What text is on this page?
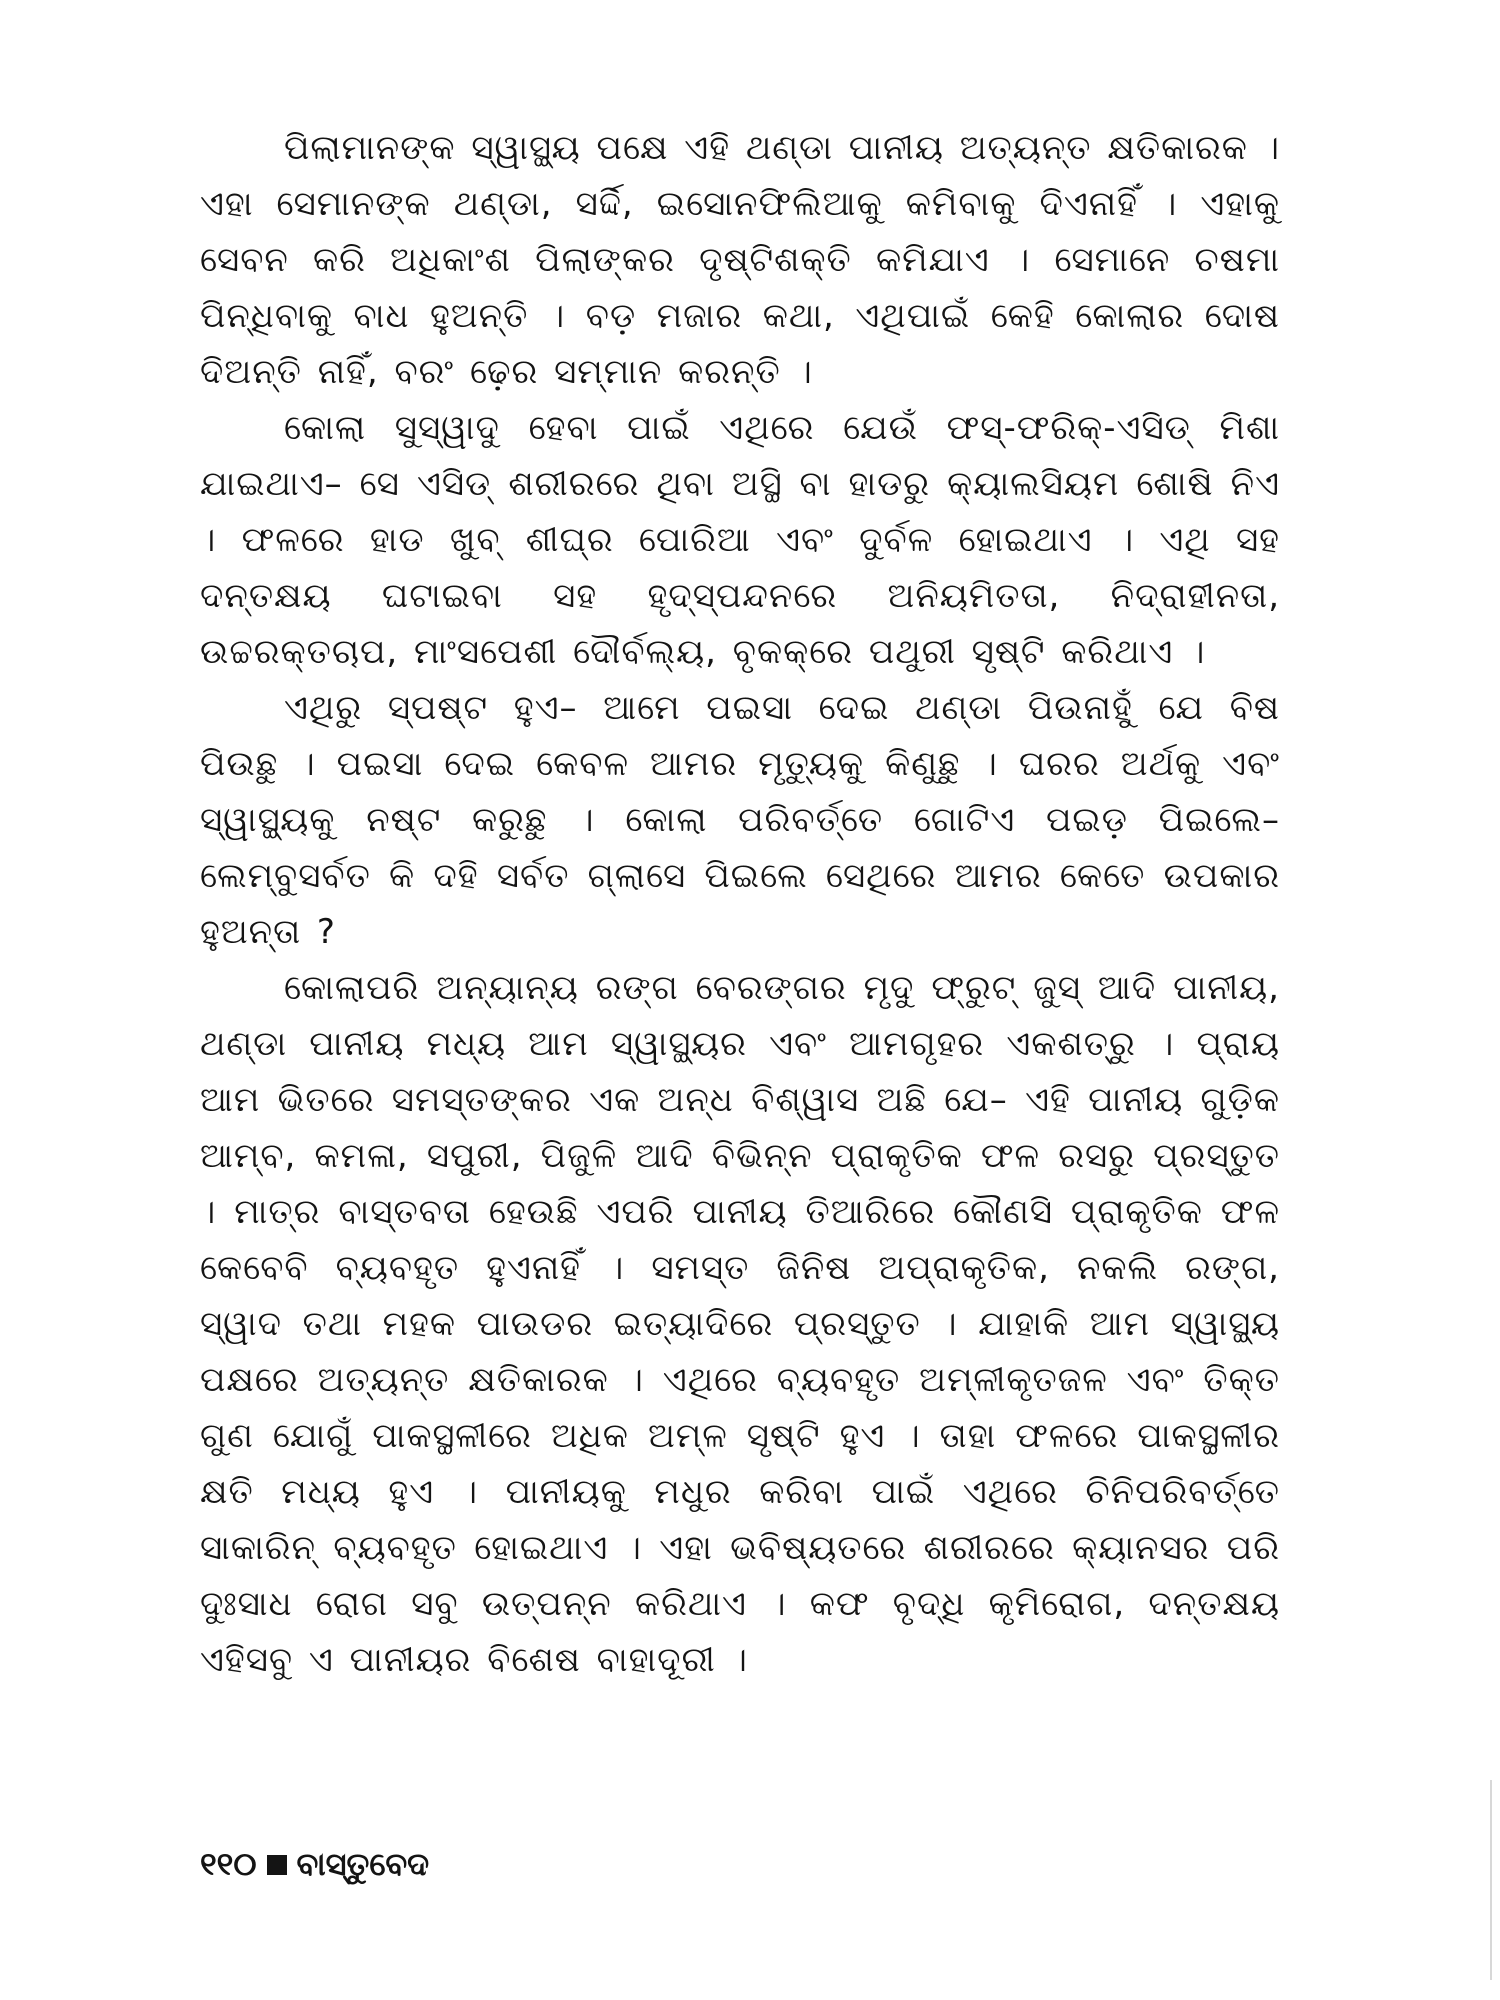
ପିଲାମାନଙ୍କ ସ୍ୱାସ୍ଥ୍ୟ ପକ୍ଷେ ଏହି ଥଣ୍ଡା ପାନୀୟ ଅତ୍ୟନ୍ତ କ୍ଷତିକାରକ । ଏହା ସେମାନଙ୍କ ଥଣ୍ଡା, ସର୍ଦ୍ଦି, ଇସୋନଫିଲିଆକୁ କମିବାକୁ ଦିଏନାହିଁ । ଏହାକୁ ସେବନ କରି ଅଧିକାଂଶ ପିଲାଙ୍କର ଦୃଷ୍ଟିଶକ୍ତି କମିଯାଏ । ସେମାନେ ଚଷମା ପିନ୍ଧିବାକୁ ବାଧ ହୁଅନ୍ତି । ବଡ଼ ମଜାର କଥା, ଏଥିପାଇଁ କେହି କୋଲାର ଦୋଷ ଦିଅନ୍ତି ନାହିଁ, ବରଂ ଢ଼େର ସମ୍ମାନ କରନ୍ତି ।

କୋଲା ସୁସ୍ୱାଦୁ ହେବା ପାଇଁ ଏଥିରେ ଯେଉଁ ଫସ୍-ଫରିକ୍-ଏସିଡ୍ ମିଶା ଯାଇଥାଏ– ସେ ଏସିଡ୍ ଶରୀରରେ ଥିବା ଅସ୍ଥି ବା ହାଡରୁ କ୍ୟାଲସିୟମ ଶୋଷି ନିଏ । ଫଳରେ ହାଡ ଖୁବ୍ ଶୀଘ୍ର ପୋରିଆ ଏବଂ ଦୁର୍ବଳ ହୋଇଥାଏ । ଏଥି ସହ ଦନ୍ତକ୍ଷୟ ଘଟାଇବା ସହ ହୃଦ୍‌ସ୍ପନ୍ଦନରେ ଅନିୟମିତତା, ନିଦ୍ରାହୀନତା, ଉଚ୍ଚରକ୍ତଚାପ, ମାଂସପେଶୀ ଦୌର୍ବଲ୍ୟ, ବୃକକ୍‌ରେ ପଥୁରୀ ସୃଷ୍ଟି କରିଥାଏ ।

ଏଥିରୁ ସ୍ପଷ୍ଟ ହୁଏ– ଆମେ ପଇସା ଦେଇ ଥଣ୍ଡା ପିଉନାହୁଁ ଯେ ବିଷ ପିଉଛୁ । ପଇସା ଦେଇ କେବଳ ଆମର ମୃତ୍ୟୁକୁ କିଣୁଛୁ । ଘରର ଅର୍ଥକୁ ଏବଂ ସ୍ୱାସ୍ଥ୍ୟକୁ ନଷ୍ଟ କରୁଛୁ । କୋଲା ପରିବର୍ତ୍ତେ ଗୋଟିଏ ପଇଡ଼ ପିଇଲେ– ଲେମ୍ବୁସର୍ବତ କି ଦହି ସର୍ବତ ଗ୍ଲାସେ ପିଇଲେ ସେଥିରେ ଆମର କେତେ ଉପକାର ହୁଅନ୍ତା ?

କୋଲାପରି ଅନ୍ୟାନ୍ୟ ରଙ୍ଗ ବେରଙ୍ଗର ମୃଦୁ ଫ୍ରୁଟ୍ ଜୁସ୍ ଆଦି ପାନୀୟ, ଥଣ୍ଡା ପାନୀୟ ମଧ୍ୟ ଆମ ସ୍ୱାସ୍ଥ୍ୟର ଏବଂ ଆମଗୃହର ଏକଶତ୍ରୁ । ପ୍ରାୟ ଆମ ଭିତରେ ସମସ୍ତଙ୍କର ଏକ ଅନ୍ଧ ବିଶ୍ୱାସ ଅଛି ଯେ– ଏହି ପାନୀୟ ଗୁଡ଼ିକ ଆମ୍ବ, କମଳା, ସପୁରୀ, ପିଜୁଳି ଆଦି ବିଭିନ୍ନ ପ୍ରାକୃତିକ ଫଳ ରସରୁ ପ୍ରସ୍ତୁତ । ମାତ୍ର ବାସ୍ତବତା ହେଉଛି ଏପରି ପାନୀୟ ତିଆରିରେ କୌଣସି ପ୍ରାକୃତିକ ଫଳ କେବେବି ବ୍ୟବହୃତ ହୁଏନାହିଁ । ସମସ୍ତ ଜିନିଷ ଅପ୍ରାକୃତିକ, ନକଲି ରଙ୍ଗ, ସ୍ୱାଦ ତଥା ମହକ ପାଉଡର ଇତ୍ୟାଦିରେ ପ୍ରସ୍ତୁତ । ଯାହାକି ଆମ ସ୍ୱାସ୍ଥ୍ୟ ପକ୍ଷରେ ଅତ୍ୟନ୍ତ କ୍ଷତିକାରକ । ଏଥିରେ ବ୍ୟବହୃତ ଅମ୍ଳୀକୃତଜଳ ଏବଂ ତିକ୍ତ ଗୁଣ ଯୋଗୁଁ ପାକସ୍ଥଳୀରେ ଅଧିକ ଅମ୍ଳ ସୃଷ୍ଟି ହୁଏ । ତାହା ଫଳରେ ପାକସ୍ଥଳୀର କ୍ଷତି ମଧ୍ୟ ହୁଏ । ପାନୀୟକୁ ମଧୁର କରିବା ପାଇଁ ଏଥିରେ ଚିନିପରିବର୍ତ୍ତେ ସାକାରିନ୍ ବ୍ୟବହୃତ ହୋଇଥାଏ । ଏହା ଭବିଷ୍ୟତରେ ଶରୀରରେ କ୍ୟାନସର ପରି ଦୁଃସାଧ ରୋଗ ସବୁ ଉତ୍ପନ୍ନ କରିଥାଏ । କଫ ବୃଦ୍ଧି କୃମିରୋଗ, ଦନ୍ତକ୍ଷୟ ଏହିସବୁ ଏ ପାନୀୟର ବିଶେଷ ବାହାଦୂରୀ ।

୧୧୦ ବାସ୍ତୁବେଦ
